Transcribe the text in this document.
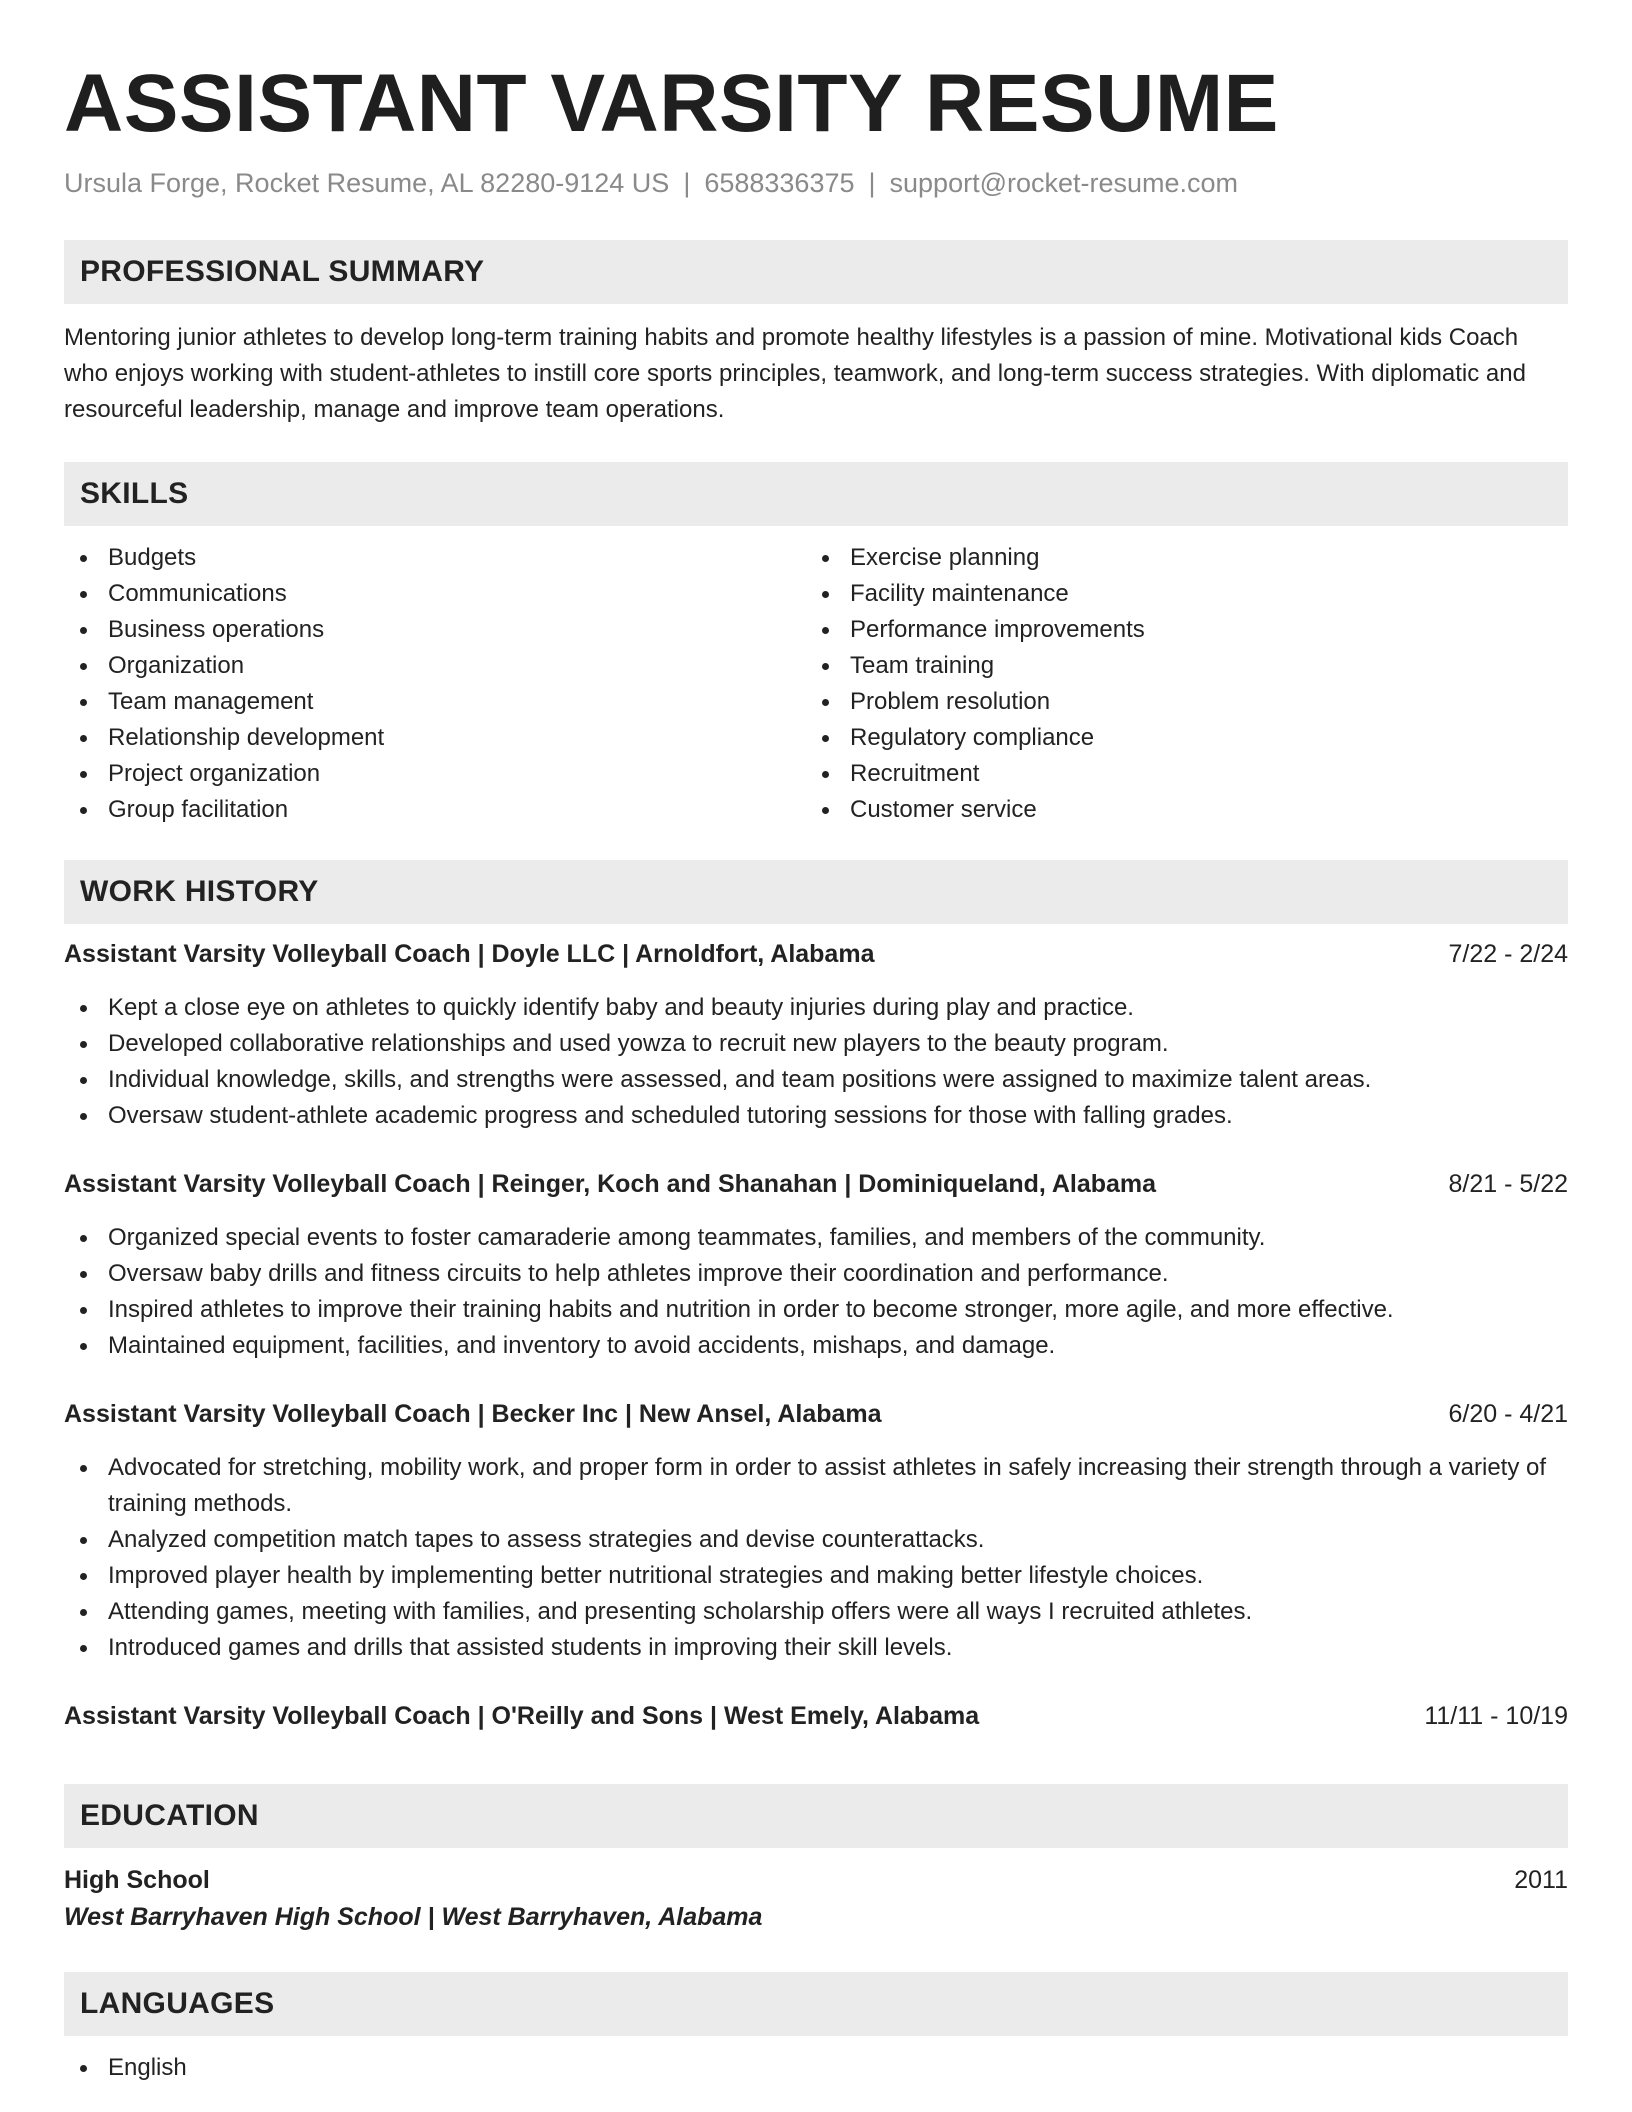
ASSISTANT VARSITY RESUME
Ursula Forge, Rocket Resume, AL 82280-9124 US | 6588336375 | support@rocket-resume.com
PROFESSIONAL SUMMARY

Mentoring junior athletes to develop long-term training habits and promote healthy lifestyles is a passion of mine. Motivational kids Coach who enjoys working with student-athletes to instill core sports principles, teamwork, and long-term success strategies. With diplomatic and resourceful leadership, manage and improve team operations.

SKILLS
Budgets
Communications
Business operations
Organization
Team management
Relationship development
Project organization
Group facilitation
Exercise planning
Facility maintenance
Performance improvements
Team training
Problem resolution
Regulatory compliance
Recruitment
Customer service
WORK HISTORY
Assistant Varsity Volleyball Coach | Doyle LLC | Arnoldfort, Alabama	7/22 - 2/24
Kept a close eye on athletes to quickly identify baby and beauty injuries during play and practice.
Developed collaborative relationships and used yowza to recruit new players to the beauty program.
Individual knowledge, skills, and strengths were assessed, and team positions were assigned to maximize talent areas.
Oversaw student-athlete academic progress and scheduled tutoring sessions for those with falling grades.
Assistant Varsity Volleyball Coach | Reinger, Koch and Shanahan | Dominiqueland, Alabama	8/21 - 5/22
Organized special events to foster camaraderie among teammates, families, and members of the community.
Oversaw baby drills and fitness circuits to help athletes improve their coordination and performance.
Inspired athletes to improve their training habits and nutrition in order to become stronger, more agile, and more effective.
Maintained equipment, facilities, and inventory to avoid accidents, mishaps, and damage.
Assistant Varsity Volleyball Coach | Becker Inc | New Ansel, Alabama	6/20 - 4/21
Advocated for stretching, mobility work, and proper form in order to assist athletes in safely increasing their strength through a variety of training methods.
Analyzed competition match tapes to assess strategies and devise counterattacks.
Improved player health by implementing better nutritional strategies and making better lifestyle choices.
Attending games, meeting with families, and presenting scholarship offers were all ways I recruited athletes.
Introduced games and drills that assisted students in improving their skill levels.
Assistant Varsity Volleyball Coach | O'Reilly and Sons | West Emely, Alabama	11/11 - 10/19
EDUCATION
High School	2011
West Barryhaven High School | West Barryhaven, Alabama
LANGUAGES
English
